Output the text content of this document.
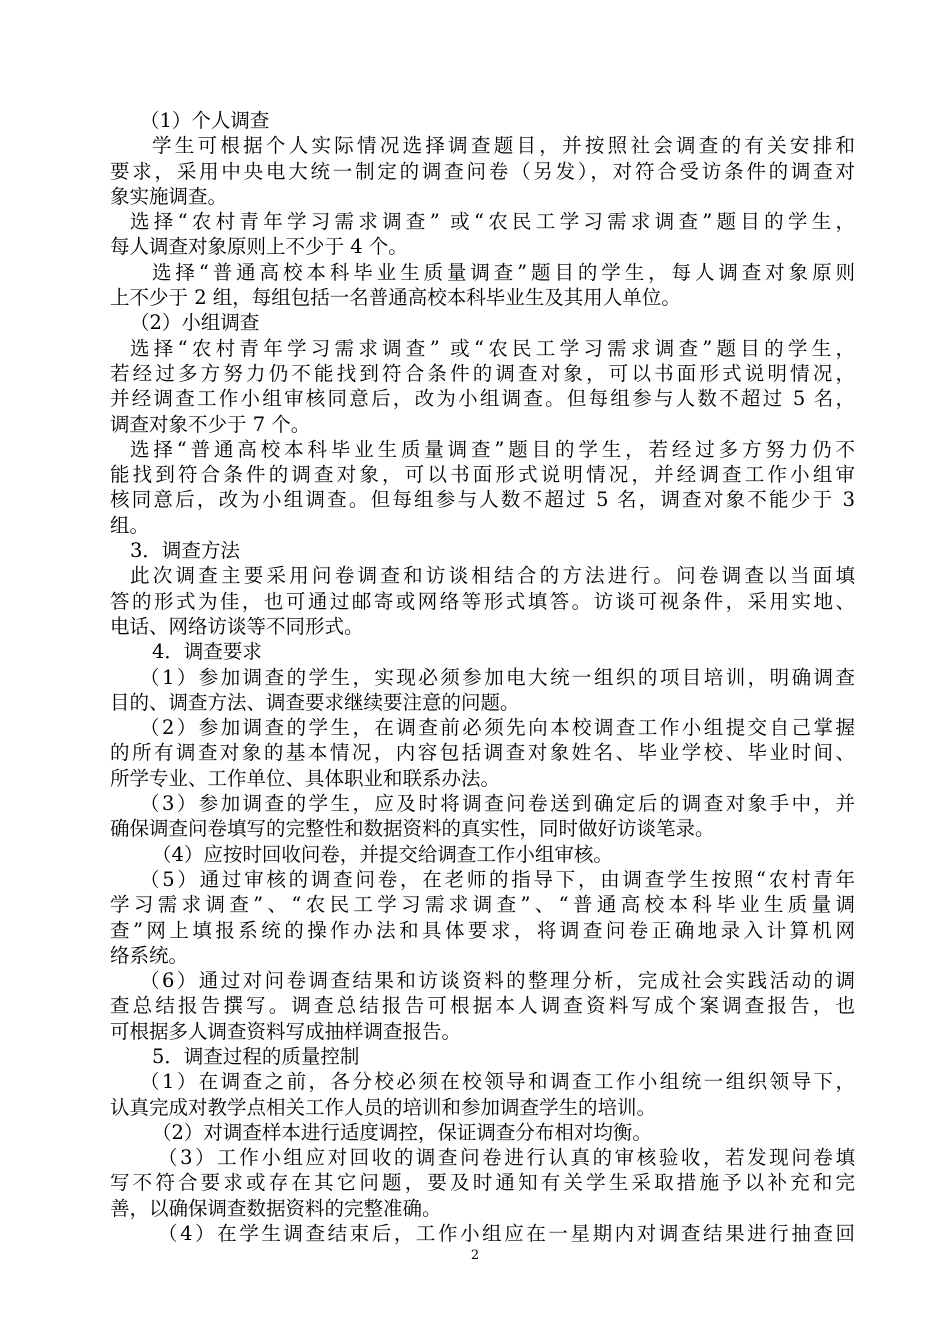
（1）个人调查
学生可根据个人实际情况选择调查题目，并按照社会调查的有关安排和
要求，采用中央电大统一制定的调查问卷（另发），对符合受访条件的调查对
象实施调查。
选择“农村青年学习需求调查” 或“农民工学习需求调查”题目的学生，
每人调查对象原则上不少于 4 个。
选择“普通高校本科毕业生质量调查”题目的学生，每人调查对象原则
上不少于 2 组，每组包括一名普通高校本科毕业生及其用人单位。
（2）小组调查
选择“农村青年学习需求调查” 或“农民工学习需求调查”题目的学生，
若经过多方努力仍不能找到符合条件的调查对象，可以书面形式说明情况，
并经调查工作小组审核同意后，改为小组调查。但每组参与人数不超过 5 名，
调查对象不少于 7 个。
选择“普通高校本科毕业生质量调查”题目的学生，若经过多方努力仍不
能找到符合条件的调查对象，可以书面形式说明情况，并经调查工作小组审
核同意后，改为小组调查。但每组参与人数不超过 5 名，调查对象不能少于 3
组。
3．调查方法
此次调查主要采用问卷调查和访谈相结合的方法进行。问卷调查以当面填
答的形式为佳，也可通过邮寄或网络等形式填答。访谈可视条件，采用实地、
电话、网络访谈等不同形式。
4．调查要求
（1）参加调查的学生，实现必须参加电大统一组织的项目培训，明确调查
目的、调查方法、调查要求继续要注意的问题。
（2）参加调查的学生，在调查前必须先向本校调查工作小组提交自己掌握
的所有调查对象的基本情况，内容包括调查对象姓名、毕业学校、毕业时间、
所学专业、工作单位、具体职业和联系办法。
（3）参加调查的学生，应及时将调查问卷送到确定后的调查对象手中，并
确保调查问卷填写的完整性和数据资料的真实性，同时做好访谈笔录。
（4）应按时回收问卷，并提交给调查工作小组审核。
（5）通过审核的调查问卷，在老师的指导下，由调查学生按照“农村青年
学习需求调查”、“农民工学习需求调查”、“普通高校本科毕业生质量调
查”网上填报系统的操作办法和具体要求，将调查问卷正确地录入计算机网
络系统。
（6）通过对问卷调查结果和访谈资料的整理分析，完成社会实践活动的调
查总结报告撰写。调查总结报告可根据本人调查资料写成个案调查报告，也
可根据多人调查资料写成抽样调查报告。
5．调查过程的质量控制
（1）在调查之前，各分校必须在校领导和调查工作小组统一组织领导下，
认真完成对教学点相关工作人员的培训和参加调查学生的培训。
（2）对调查样本进行适度调控，保证调查分布相对均衡。
（3）工作小组应对回收的调查问卷进行认真的审核验收，若发现问卷填
写不符合要求或存在其它问题，要及时通知有关学生采取措施予以补充和完
善，以确保调查数据资料的完整准确。
（4）在学生调查结束后，工作小组应在一星期内对调查结果进行抽查回
2
